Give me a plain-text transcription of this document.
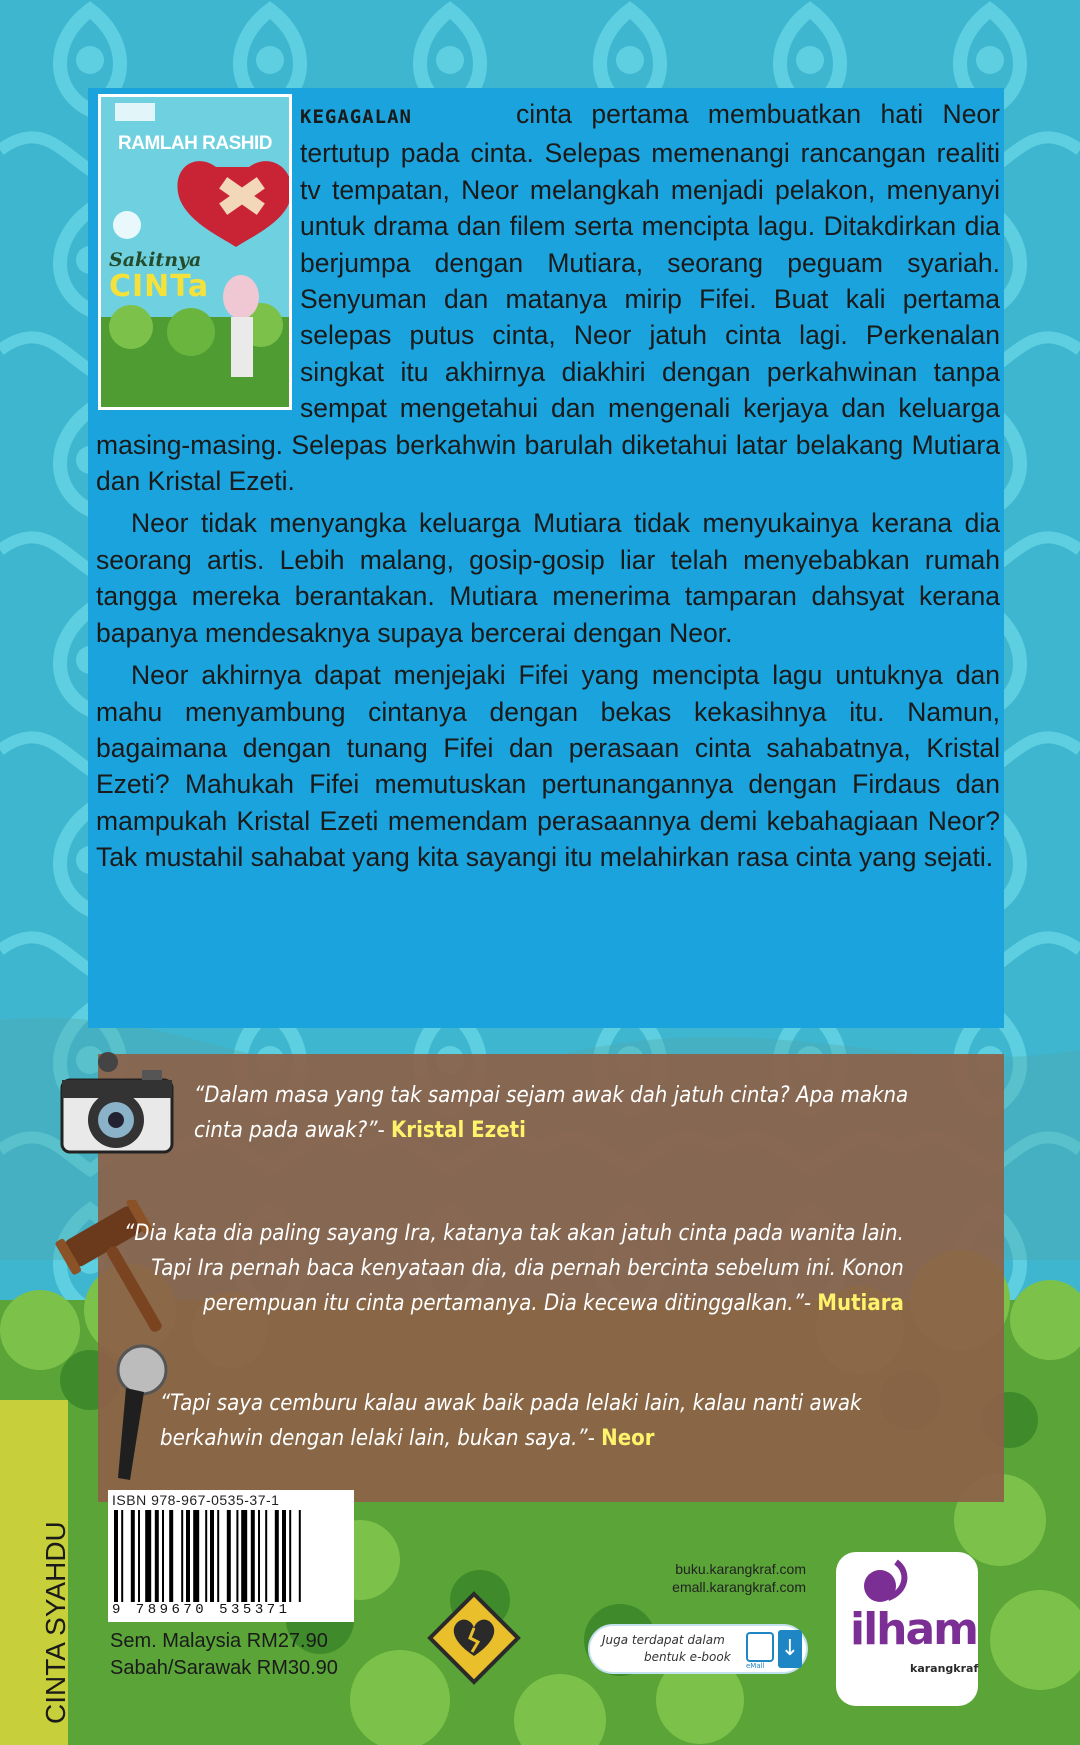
RAMLAH RASHID
Sakitnya
CINTa

KEGAGALAN	cinta pertama membuatkan hati Neor tertutup pada cinta. Selepas memenangi rancangan realiti tv tempatan, Neor melangkah menjadi pelakon, menyanyi untuk drama dan filem serta mencipta lagu. Ditakdirkan dia berjumpa dengan Mutiara, seorang peguam syariah. Senyuman dan matanya mirip Fifei. Buat kali pertama selepas putus cinta, Neor jatuh cinta lagi. Perkenalan singkat itu akhirnya diakhiri dengan perkahwinan tanpa sempat mengetahui dan mengenali kerjaya dan keluarga masing-masing. Selepas berkahwin barulah diketahui latar belakang Mutiara dan Kristal Ezeti.

Neor tidak menyangka keluarga Mutiara tidak menyukainya kerana dia seorang artis. Lebih malang, gosip-gosip liar telah menyebabkan rumah tangga mereka berantakan. Mutiara menerima tamparan dahsyat kerana bapanya mendesaknya supaya bercerai dengan Neor.

Neor akhirnya dapat menjejaki Fifei yang mencipta lagu untuknya dan mahu menyambung cintanya dengan bekas kekasihnya itu. Namun, bagaimana dengan tunang Fifei dan perasaan cinta sahabatnya, Kristal Ezeti? Mahukah Fifei memutuskan pertunangannya dengan Firdaus dan mampukah Kristal Ezeti memendam perasaannya demi kebahagiaan Neor? Tak mustahil sahabat yang kita sayangi itu melahirkan rasa cinta yang sejati.

“Dalam masa yang tak sampai sejam awak dah jatuh cinta? Apa makna
cinta pada awak?”- Kristal Ezeti
“Dia kata dia paling sayang Ira, katanya tak akan jatuh cinta pada wanita lain.
Tapi Ira pernah baca kenyataan dia, dia pernah bercinta sebelum ini. Konon
perempuan itu cinta pertamanya. Dia kecewa ditinggalkan.”- Mutiara
“Tapi saya cemburu kalau awak baik pada lelaki lain, kalau nanti awak
berkahwin dengan lelaki lain, bukan saya.”- Neor
CINTA SYAHDU
ISBN 978-967-0535-37-1
9 789670 535371
Sem. Malaysia RM27.90
Sabah/Sarawak RM30.90
buku.karangkraf.com
emall.karangkraf.com
Juga terdapat dalam
bentuk e-book
eMall
↓ ilham
karangkraf
